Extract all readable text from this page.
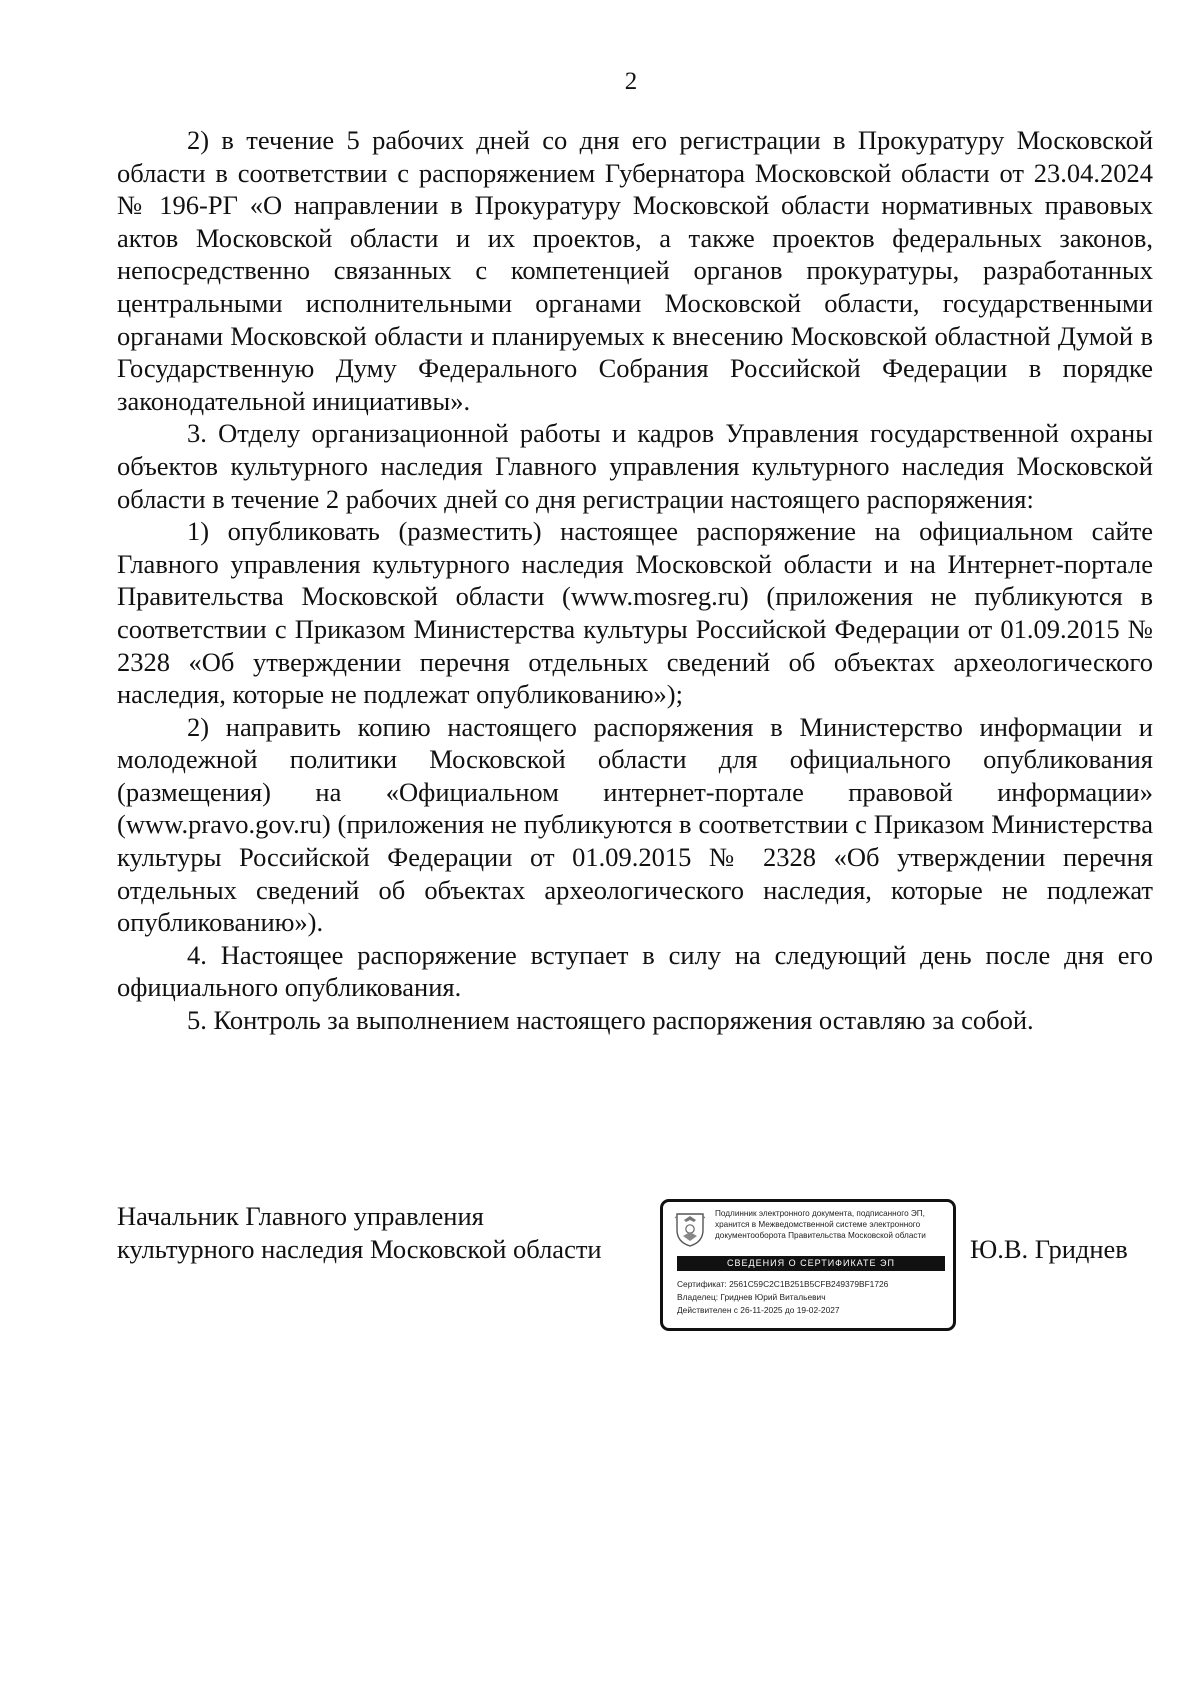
2

2) в течение 5 рабочих дней со дня его регистрации в Прокуратуру Московской области в соответствии с распоряжением Губернатора Московской области от 23.04.2024 № 196-РГ «О направлении в Прокуратуру Московской области нормативных правовых актов Московской области и их проектов, а также проектов федеральных законов, непосредственно связанных с компетенцией органов прокуратуры, разработанных центральными исполнительными органами Московской области, государственными органами Московской области и планируемых к внесению Московской областной Думой в Государственную Думу Федерального Собрания Российской Федерации в порядке законодательной инициативы».

3. Отделу организационной работы и кадров Управления государственной охраны объектов культурного наследия Главного управления культурного наследия Московской области в течение 2 рабочих дней со дня регистрации настоящего распоряжения:

1) опубликовать (разместить) настоящее распоряжение на официальном сайте Главного управления культурного наследия Московской области и на Интернет-портале Правительства Московской области (www.mosreg.ru) (приложения не публикуются в соответствии с Приказом Министерства культуры Российской Федерации от 01.09.2015 № 2328 «Об утверждении перечня отдельных сведений об объектах археологического наследия, которые не подлежат опубликованию»);

2) направить копию настоящего распоряжения в Министерство информации и молодежной политики Московской области для официального опубликования (размещения) на «Официальном интернет-портале правовой информации» (www.pravo.gov.ru) (приложения не публикуются в соответствии с Приказом Министерства культуры Российской Федерации от 01.09.2015 № 2328 «Об утверждении перечня отдельных сведений об объектах археологического наследия, которые не подлежат опубликованию»).

4. Настоящее распоряжение вступает в силу на следующий день после дня его официального опубликования.

5. Контроль за выполнением настоящего распоряжения оставляю за собой.

Начальник Главного управления
культурного наследия Московской области
Подлинник электронного документа, подписанного ЭП,
хранится в Межведомственной системе электронного
документооборота Правительства Московской области
СВЕДЕНИЯ О СЕРТИФИКАТЕ ЭП
Сертификат: 2561C59C2C1B251B5CFB249379BF1726
Владелец: Гриднев Юрий Витальевич
Действителен с 26-11-2025 до 19-02-2027
Ю.В. Гриднев
